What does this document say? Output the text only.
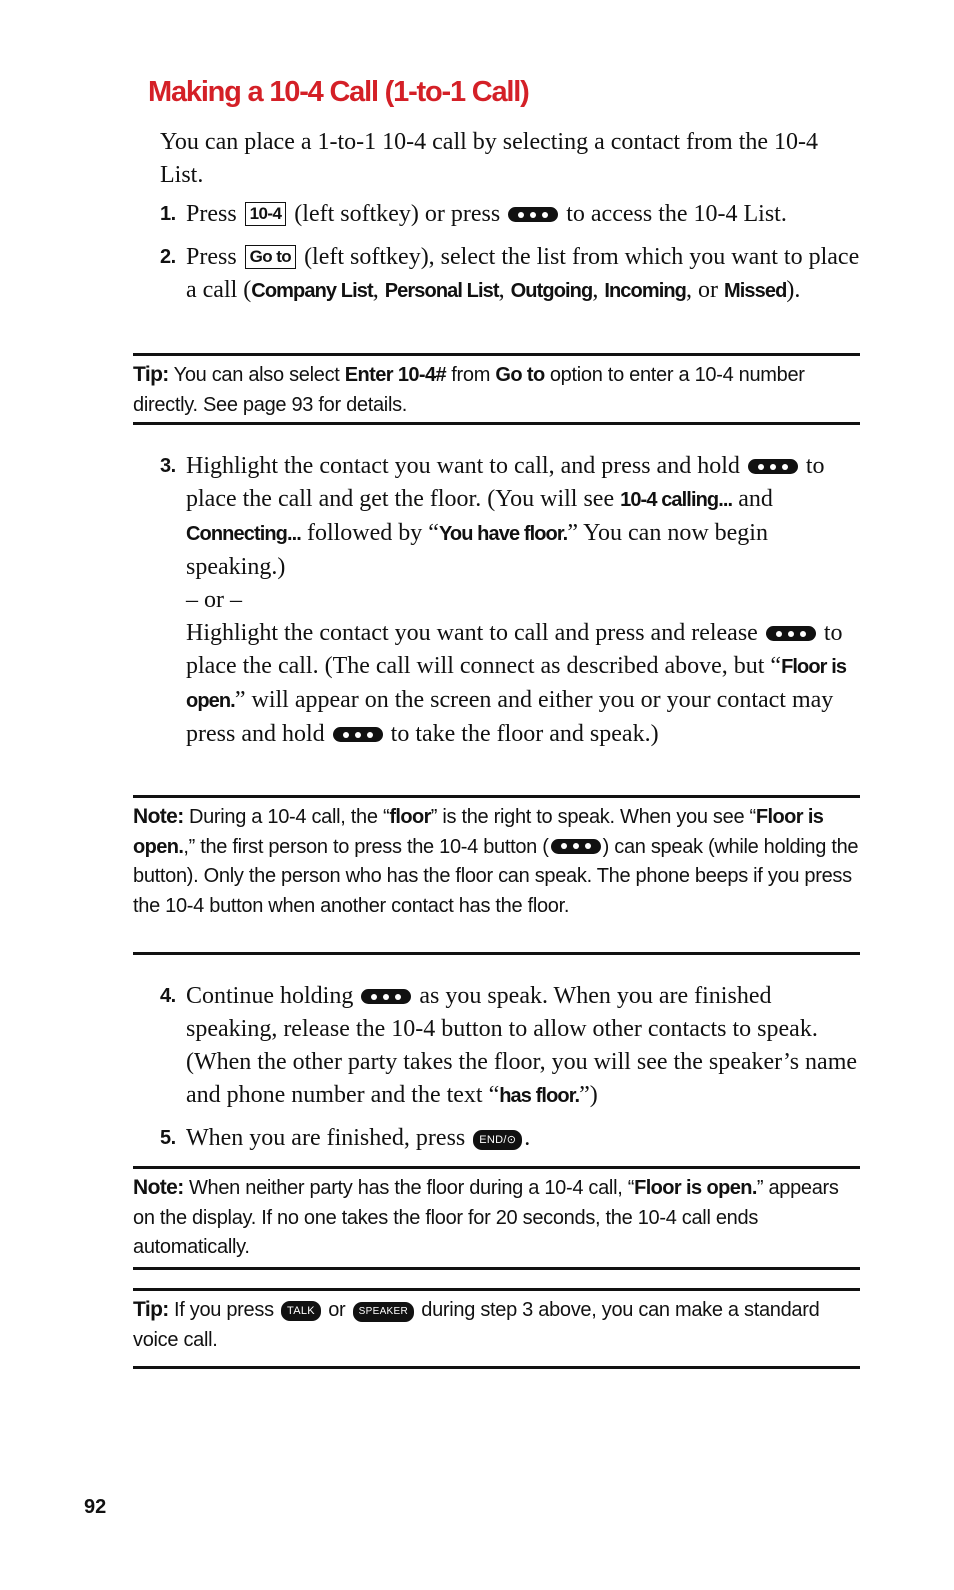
Making a 10-4 Call (1-to-1 Call)

You can place a 1-to-1 10-4 call by selecting a contact from the 10-4 List.

1. Press 10-4 (left softkey) or press	to access the 10-4 List.
2. Press Go to (left softkey), select the list from which you want to place a call (Company List, Personal List, Outgoing, Incoming, or Missed).
Tip: You can also select Enter 10-4# from Go to option to enter a 10-4 number directly. See page 93 for details.
3. Highlight the contact you want to call, and press and hold	to place the call and get the floor. (You will see 10-4 calling... and Connecting... followed by “You have floor.” You can now begin speaking.)
– or –
Highlight the contact you want to call and press and release	to place the call. (The call will connect as described above, but “Floor is open.” will appear on the screen and either you or your contact may press and hold	to take the floor and speak.)
Note: During a 10-4 call, the “floor” is the right to speak. When you see “Floor is open.,” the first person to press the 10-4 button (	) can speak (while holding the button). Only the person who has the floor can speak. The phone beeps if you press the 10-4 button when another contact has the floor.
4. Continue holding	as you speak. When you are finished speaking, release the 10-4 button to allow other contacts to speak. (When the other party takes the floor, you will see the speaker’s name and phone number and the text “has floor.”)
5. When you are finished, press END/⊙ .
Note: When neither party has the floor during a 10-4 call, “Floor is open.” appears on the display. If no one takes the floor for 20 seconds, the 10-4 call ends automatically.
Tip: If you press TALK or SPEAKER during step 3 above, you can make a standard voice call.
92
